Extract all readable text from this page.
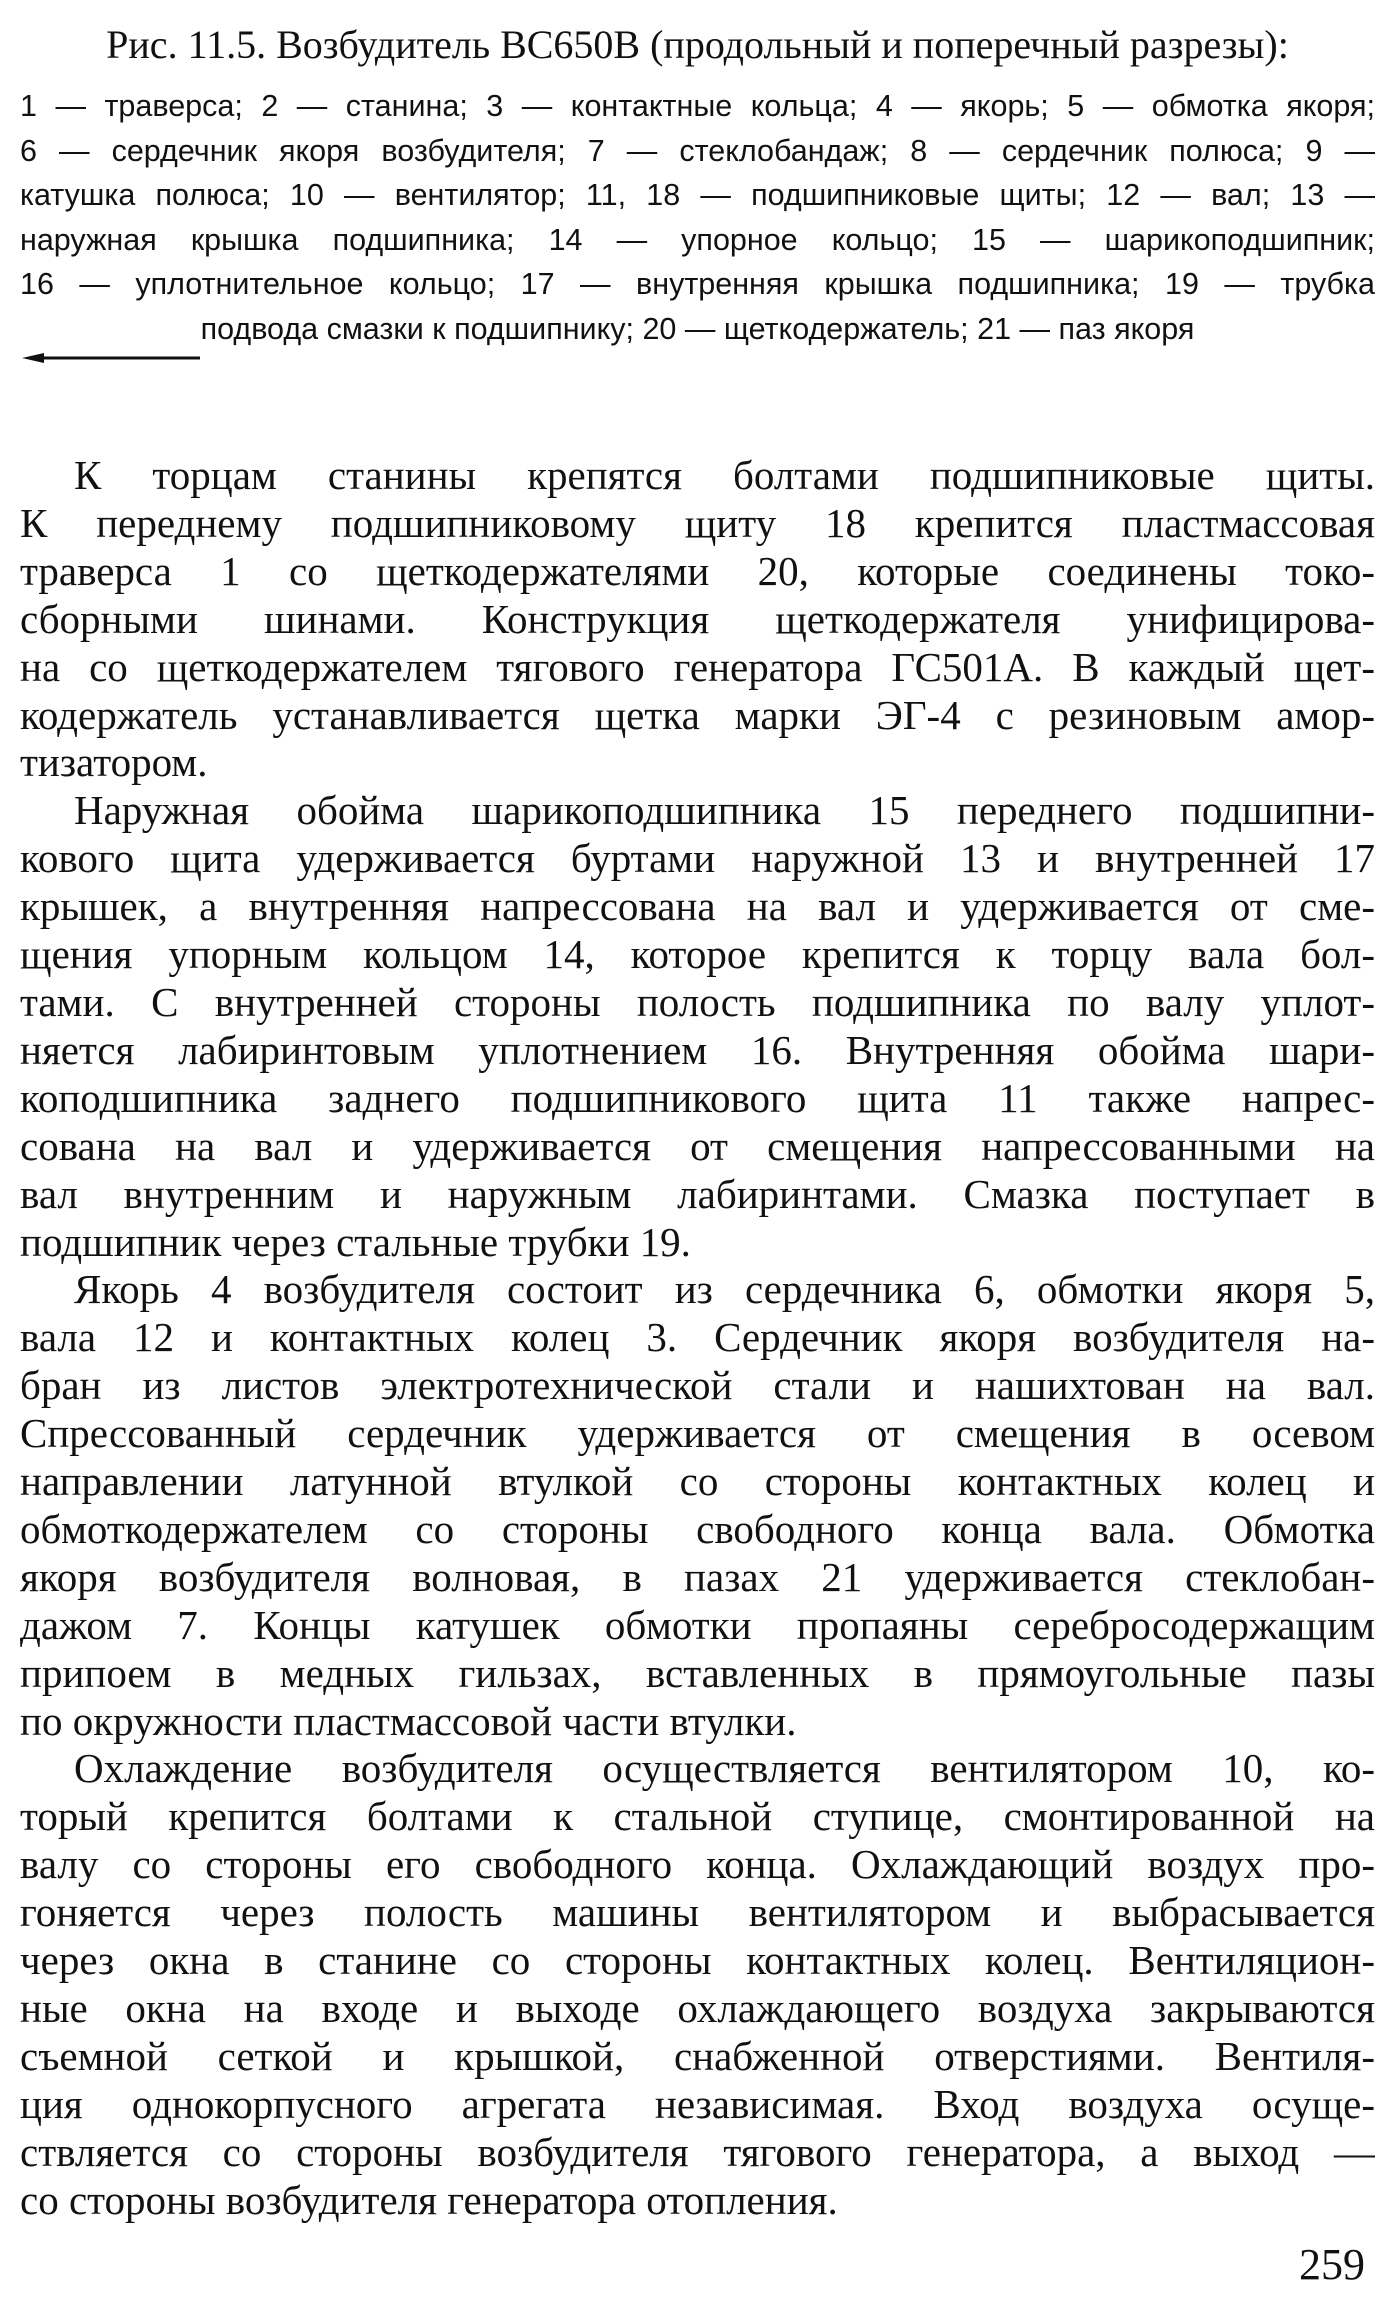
Рис. 11.5. Возбудитель ВС650В (продольный и поперечный разрезы):
1 — траверса; 2 — станина; 3 — контактные кольца; 4 — якорь; 5 — обмотка якоря;
6 — сердечник якоря возбудителя; 7 — стеклобандаж; 8 — сердечник полюса; 9 —
катушка полюса; 10 — вентилятор; 11, 18 — подшипниковые щиты; 12 — вал; 13 —
наружная крышка подшипника; 14 — упорное кольцо; 15 — шарикоподшипник;
16 — уплотнительное кольцо; 17 — внутренняя крышка подшипника; 19 — трубка
подвода смазки к подшипнику; 20 — щеткодержатель; 21 — паз якоря

К торцам станины крепятся болтами подшипниковые щиты.
К переднему подшипниковому щиту 18 крепится пластмассовая
траверса 1 со щеткодержателями 20, которые соединены токо-
сборными шинами. Конструкция щеткодержателя унифицирова-
на со щеткодержателем тягового генератора ГС501А. В каждый щет-
кодержатель устанавливается щетка марки ЭГ-4 с резиновым амор-
тизатором.

Наружная обойма шарикоподшипника 15 переднего подшипни-
кового щита удерживается буртами наружной 13 и внутренней 17
крышек, а внутренняя напрессована на вал и удерживается от сме-
щения упорным кольцом 14, которое крепится к торцу вала бол-
тами. С внутренней стороны полость подшипника по валу уплот-
няется лабиринтовым уплотнением 16. Внутренняя обойма шари-
коподшипника заднего подшипникового щита 11 также напрес-
сована на вал и удерживается от смещения напрессованными на
вал внутренним и наружным лабиринтами. Смазка поступает в
подшипник через стальные трубки 19.

Якорь 4 возбудителя состоит из сердечника 6, обмотки якоря 5,
вала 12 и контактных колец 3. Сердечник якоря возбудителя на-
бран из листов электротехнической стали и нашихтован на вал.
Спрессованный сердечник удерживается от смещения в осевом
направлении латунной втулкой со стороны контактных колец и
обмоткодержателем со стороны свободного конца вала. Обмотка
якоря возбудителя волновая, в пазах 21 удерживается стеклобан-
дажом 7. Концы катушек обмотки пропаяны серебросодержащим
припоем в медных гильзах, вставленных в прямоугольные пазы
по окружности пластмассовой части втулки.

Охлаждение возбудителя осуществляется вентилятором 10, ко-
торый крепится болтами к стальной ступице, смонтированной на
валу со стороны его свободного конца. Охлаждающий воздух про-
гоняется через полость машины вентилятором и выбрасывается
через окна в станине со стороны контактных колец. Вентиляцион-
ные окна на входе и выходе охлаждающего воздуха закрываются
съемной сеткой и крышкой, снабженной отверстиями. Вентиля-
ция однокорпусного агрегата независимая. Вход воздуха осуще-
ствляется со стороны возбудителя тягового генератора, а выход —
со стороны возбудителя генератора отопления.

259
